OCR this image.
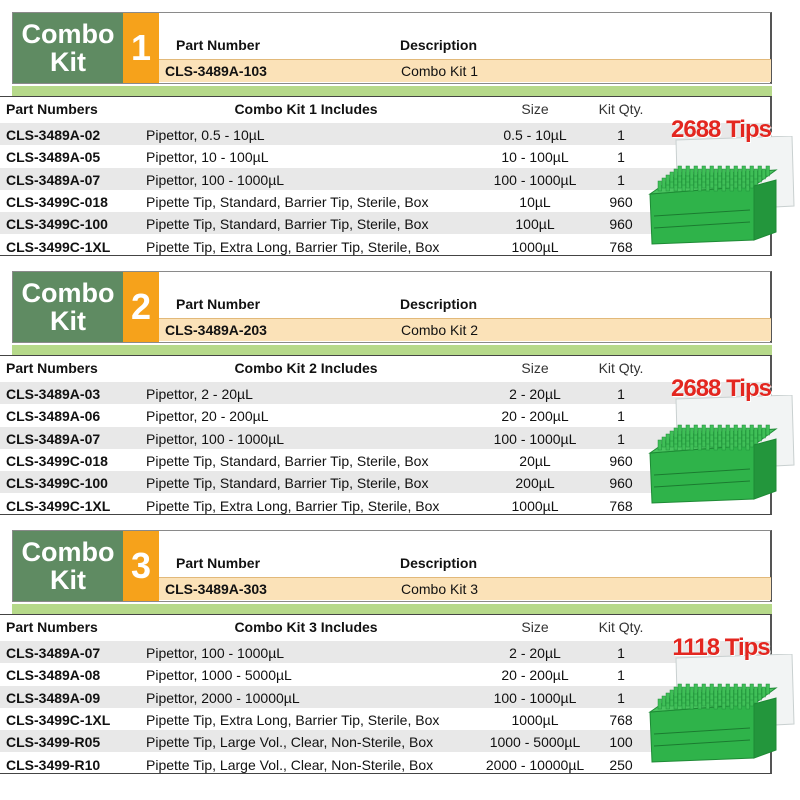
Combo
Kit	1	Part Number	Description
CLS-3489A-103	Combo Kit 1
Part Numbers	Combo Kit 1 Includes	Size	Kit Qty.
CLS-3489A-02	Pipettor, 0.5 - 10µL	0.5 - 10µL	1
CLS-3489A-05	Pipettor, 10 - 100µL	10 - 100µL	1
CLS-3489A-07	Pipettor, 100 - 1000µL	100 - 1000µL	1
CLS-3499C-018	Pipette Tip, Standard, Barrier Tip, Sterile, Box	10µL	960
CLS-3499C-100	Pipette Tip, Standard, Barrier Tip, Sterile, Box	100µL	960
CLS-3499C-1XL	Pipette Tip, Extra Long, Barrier Tip, Sterile, Box	1000µL	768
2688 Tips
Combo
Kit	2	Part Number	Description
CLS-3489A-203	Combo Kit 2
Part Numbers	Combo Kit 2 Includes	Size	Kit Qty.
CLS-3489A-03	Pipettor, 2 - 20µL	2 - 20µL	1
CLS-3489A-06	Pipettor, 20 - 200µL	20 - 200µL	1
CLS-3489A-07	Pipettor, 100 - 1000µL	100 - 1000µL	1
CLS-3499C-018	Pipette Tip, Standard, Barrier Tip, Sterile, Box	20µL	960
CLS-3499C-100	Pipette Tip, Standard, Barrier Tip, Sterile, Box	200µL	960
CLS-3499C-1XL	Pipette Tip, Extra Long, Barrier Tip, Sterile, Box	1000µL	768
2688 Tips
Combo
Kit	3	Part Number	Description
CLS-3489A-303	Combo Kit 3
Part Numbers	Combo Kit 3 Includes	Size	Kit Qty.
CLS-3489A-07	Pipettor, 100 - 1000µL	2 - 20µL	1
CLS-3489A-08	Pipettor, 1000 - 5000µL	20 - 200µL	1
CLS-3489A-09	Pipettor, 2000 - 10000µL	100 - 1000µL	1
CLS-3499C-1XL	Pipette Tip, Extra Long, Barrier Tip, Sterile, Box	1000µL	768
CLS-3499-R05	Pipette Tip, Large Vol., Clear, Non-Sterile, Box	1000 - 5000µL	100
CLS-3499-R10	Pipette Tip, Large Vol., Clear, Non-Sterile, Box	2000 - 10000µL	250
1118 Tips
